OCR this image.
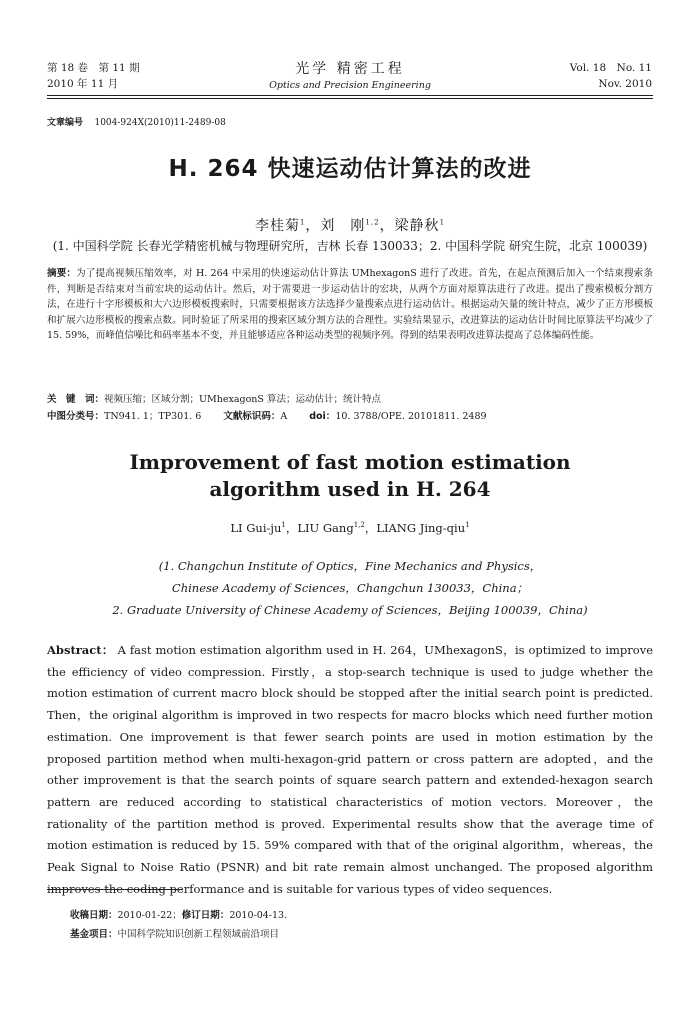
第 18 卷　第 11 期
2010 年 11 月
光学 精密工程
Optics and Precision Engineering
Vol. 18　No. 11
Nov. 2010
文章编号 1004-924X(2010)11-2489-08
H. 264 快速运动估计算法的改进
李桂菊$^1$，刘　刚$^{1,2}$，梁静秋$^1$
(1. 中国科学院 长春光学精密机械与物理研究所，吉林 长春 130033；2. 中国科学院 研究生院，北京 100039)
摘要：为了提高视频压缩效率，对 H. 264 中采用的快速运动估计算法 UMhexagonS 进行了改进。首先，在起点预测后加入一个结束搜索条件，判断是否结束对当前宏块的运动估计。然后，对于需要进一步运动估计的宏块，从两个方面对原算法进行了改进。提出了搜索模板分割方法，在进行十字形模板和大六边形模板搜索时，只需要根据该方法选择少量搜索点进行运动估计。根据运动矢量的统计特点，减少了正方形模板和扩展六边形模板的搜索点数。同时验证了所采用的搜索区域分割方法的合理性。实验结果显示，改进算法的运动估计时间比原算法平均减少了 15. 59%，而峰值信噪比和码率基本不变，并且能够适应各种运动类型的视频序列。得到的结果表明改进算法提高了总体编码性能。
关　键　词：视频压缩；区域分割；UMhexagonS 算法；运动估计；统计特点
中图分类号：TN941. 1；TP301. 6 文献标识码：A doi：10. 3788/OPE. 20101811. 2489
Improvement of fast motion estimation
algorithm used in H. 264
LI Gui-$ju^1$，LIU Gang$^{1,2}$，LIANG Jing-qiu$^1$
(1. Changchun Institute of Optics，Fine Mechanics and Physics，
Chinese Academy of Sciences，Changchun 130033，China；
2. Graduate University of Chinese Academy of Sciences，Beijing 100039，China)
Abstract： A fast motion estimation algorithm used in H. 264，UMhexagonS，is optimized to improve the efficiency of video compression. Firstly，a stop-search technique is used to judge whether the motion estimation of current macro block should be stopped after the initial search point is predicted. Then，the original algorithm is improved in two respects for macro blocks which need further motion estimation. One improvement is that fewer search points are used in motion estimation by the proposed partition method when multi-hexagon-grid pattern or cross pattern are adopted，and the other improvement is that the search points of square search pattern and extended-hexagon search pattern are reduced according to statistical characteristics of motion vectors. Moreover，the rationality of the partition method is proved. Experimental results show that the average time of motion estimation is reduced by 15. 59% compared with that of the original algorithm，whereas，the Peak Signal to Noise Ratio (PSNR) and bit rate remain almost unchanged. The proposed algorithm improves the coding performance and is suitable for various types of video sequences.
收稿日期：2010-01-22；修订日期：2010-04-13.
基金项目：中国科学院知识创新工程领域前沿项目
